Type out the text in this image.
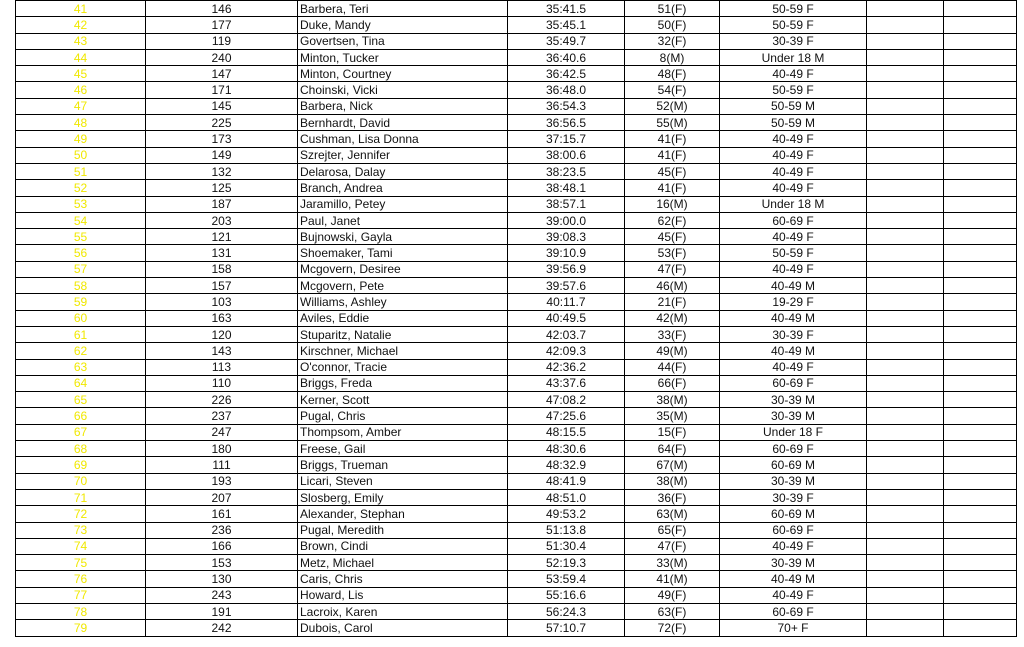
41	146	Barbera, Teri	35:41.5	51(F)	50-59 F		
42	177	Duke, Mandy	35:45.1	50(F)	50-59 F		
43	119	Govertsen, Tina	35:49.7	32(F)	30-39 F		
44	240	Minton, Tucker	36:40.6	8(M)	Under 18 M		
45	147	Minton, Courtney	36:42.5	48(F)	40-49 F		
46	171	Choinski, Vicki	36:48.0	54(F)	50-59 F		
47	145	Barbera, Nick	36:54.3	52(M)	50-59 M		
48	225	Bernhardt, David	36:56.5	55(M)	50-59 M		
49	173	Cushman, Lisa Donna	37:15.7	41(F)	40-49 F		
50	149	Szrejter, Jennifer	38:00.6	41(F)	40-49 F		
51	132	Delarosa, Dalay	38:23.5	45(F)	40-49 F		
52	125	Branch, Andrea	38:48.1	41(F)	40-49 F		
53	187	Jaramillo, Petey	38:57.1	16(M)	Under 18 M		
54	203	Paul, Janet	39:00.0	62(F)	60-69 F		
55	121	Bujnowski, Gayla	39:08.3	45(F)	40-49 F		
56	131	Shoemaker, Tami	39:10.9	53(F)	50-59 F		
57	158	Mcgovern, Desiree	39:56.9	47(F)	40-49 F		
58	157	Mcgovern, Pete	39:57.6	46(M)	40-49 M		
59	103	Williams, Ashley	40:11.7	21(F)	19-29 F		
60	163	Aviles, Eddie	40:49.5	42(M)	40-49 M		
61	120	Stuparitz, Natalie	42:03.7	33(F)	30-39 F		
62	143	Kirschner, Michael	42:09.3	49(M)	40-49 M		
63	113	O'connor, Tracie	42:36.2	44(F)	40-49 F		
64	110	Briggs, Freda	43:37.6	66(F)	60-69 F		
65	226	Kerner, Scott	47:08.2	38(M)	30-39 M		
66	237	Pugal, Chris	47:25.6	35(M)	30-39 M		
67	247	Thompsom, Amber	48:15.5	15(F)	Under 18 F		
68	180	Freese, Gail	48:30.6	64(F)	60-69 F		
69	111	Briggs, Trueman	48:32.9	67(M)	60-69 M		
70	193	Licari, Steven	48:41.9	38(M)	30-39 M		
71	207	Slosberg, Emily	48:51.0	36(F)	30-39 F		
72	161	Alexander, Stephan	49:53.2	63(M)	60-69 M		
73	236	Pugal, Meredith	51:13.8	65(F)	60-69 F		
74	166	Brown, Cindi	51:30.4	47(F)	40-49 F		
75	153	Metz, Michael	52:19.3	33(M)	30-39 M		
76	130	Caris, Chris	53:59.4	41(M)	40-49 M		
77	243	Howard, Lis	55:16.6	49(F)	40-49 F		
78	191	Lacroix, Karen	56:24.3	63(F)	60-69 F		
79	242	Dubois, Carol	57:10.7	72(F)	70+ F		
